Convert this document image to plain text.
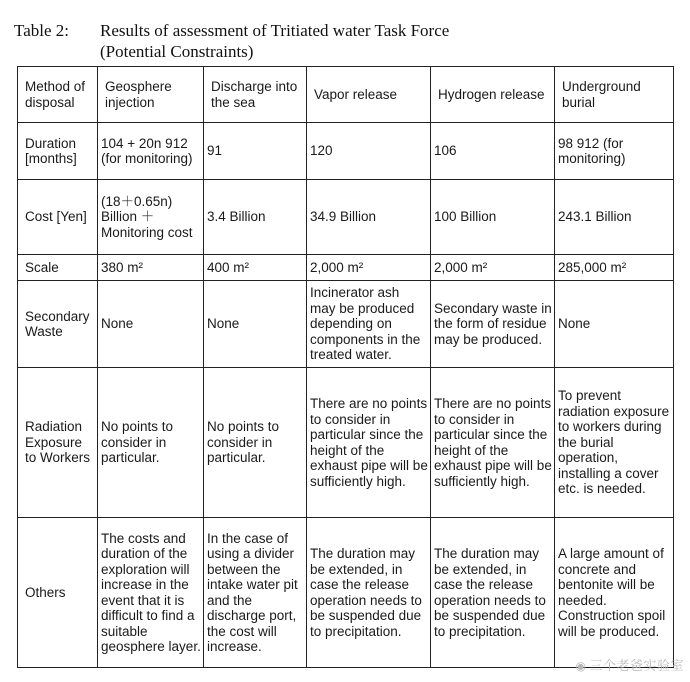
Table 2: Results of assessment of Tritiated water Task Force
(Potential Constraints)
Method of disposal	Geosphere injection	Discharge into the sea	Vapor release	Hydrogen release	Underground burial
Duration [months]	104 + 20n 912 (for monitoring)	91	120	106	98 912 (for monitoring)
Cost [Yen]	(18＋0.65n) Billion ＋ Monitoring cost	3.4 Billion	34.9 Billion	100 Billion	243.1 Billion
Scale	380 m²	400 m²	2,000 m²	2,000 m²	285,000 m²
Secondary Waste	None	None	Incinerator ash may be produced depending on components in the treated water.	Secondary waste in the form of residue may be produced.	None
Radiation Exposure to Workers	No points to consider in particular.	No points to consider in particular.	There are no points to consider in particular since the height of the exhaust pipe will be sufficiently high.	There are no points to consider in particular since the height of the exhaust pipe will be sufficiently high.	To prevent radiation exposure to workers during the burial operation, installing a cover etc. is needed.
Others	The costs and duration of the exploration will increase in the event that it is difficult to find a suitable geosphere layer.	In the case of using a divider between the intake water pit and the discharge port, the cost will increase.	The duration may be extended, in case the release operation needs to be suspended due to precipitation.	The duration may be extended, in case the release operation needs to be suspended due to precipitation.	A large amount of concrete and bentonite will be needed. Construction spoil will be produced.
◉ 三个老爸实验室
